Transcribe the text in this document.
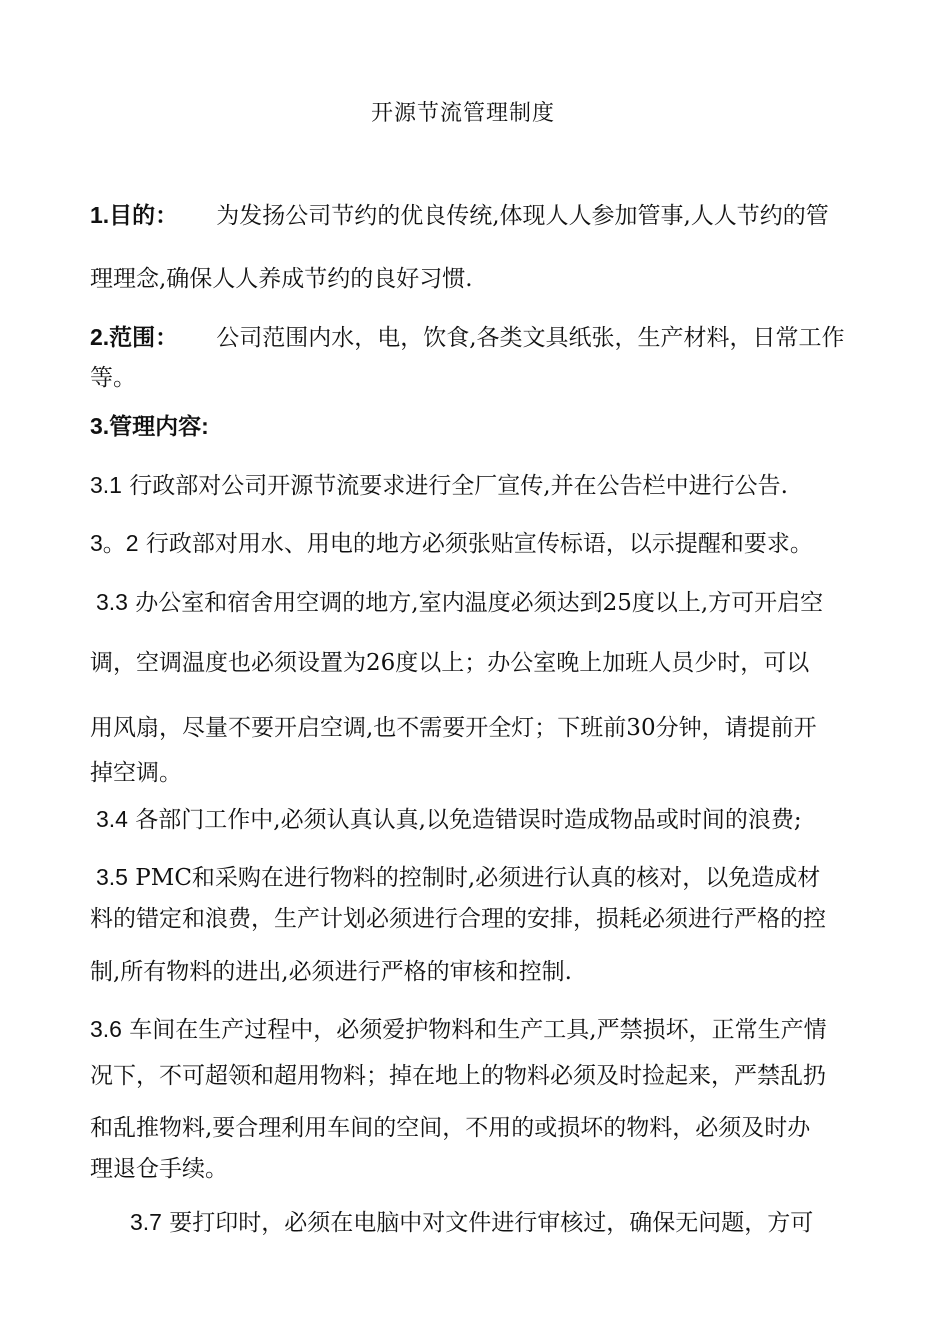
开源节流管理制度
1.目的： 为发扬公司节约的优良传统,体现人人参加管事,人人节约的管
理理念,确保人人养成节约的良好习惯.
2.范围： 公司范围内水，电，饮食,各类文具纸张，生产材料，日常工作
等。
3.管理内容:
3.1 行政部对公司开源节流要求进行全厂宣传,并在公告栏中进行公告.
3。2 行政部对用水、用电的地方必须张贴宣传标语，以示提醒和要求。
3.3 办公室和宿舍用空调的地方,室内温度必须达到25度以上,方可开启空
调，空调温度也必须设置为26度以上；办公室晚上加班人员少时，可以
用风扇，尽量不要开启空调,也不需要开全灯；下班前30分钟，请提前开
掉空调。
3.4 各部门工作中,必须认真认真,以免造错误时造成物品或时间的浪费;
3.5 PMC和采购在进行物料的控制时,必须进行认真的核对，以免造成材
料的错定和浪费，生产计划必须进行合理的安排，损耗必须进行严格的控
制,所有物料的进出,必须进行严格的审核和控制.
3.6 车间在生产过程中，必须爱护物料和生产工具,严禁损坏，正常生产情
况下，不可超领和超用物料；掉在地上的物料必须及时捡起来，严禁乱扔
和乱推物料,要合理利用车间的空间，不用的或损坏的物料，必须及时办
理退仓手续。
3.7 要打印时，必须在电脑中对文件进行审核过，确保无问题，方可
